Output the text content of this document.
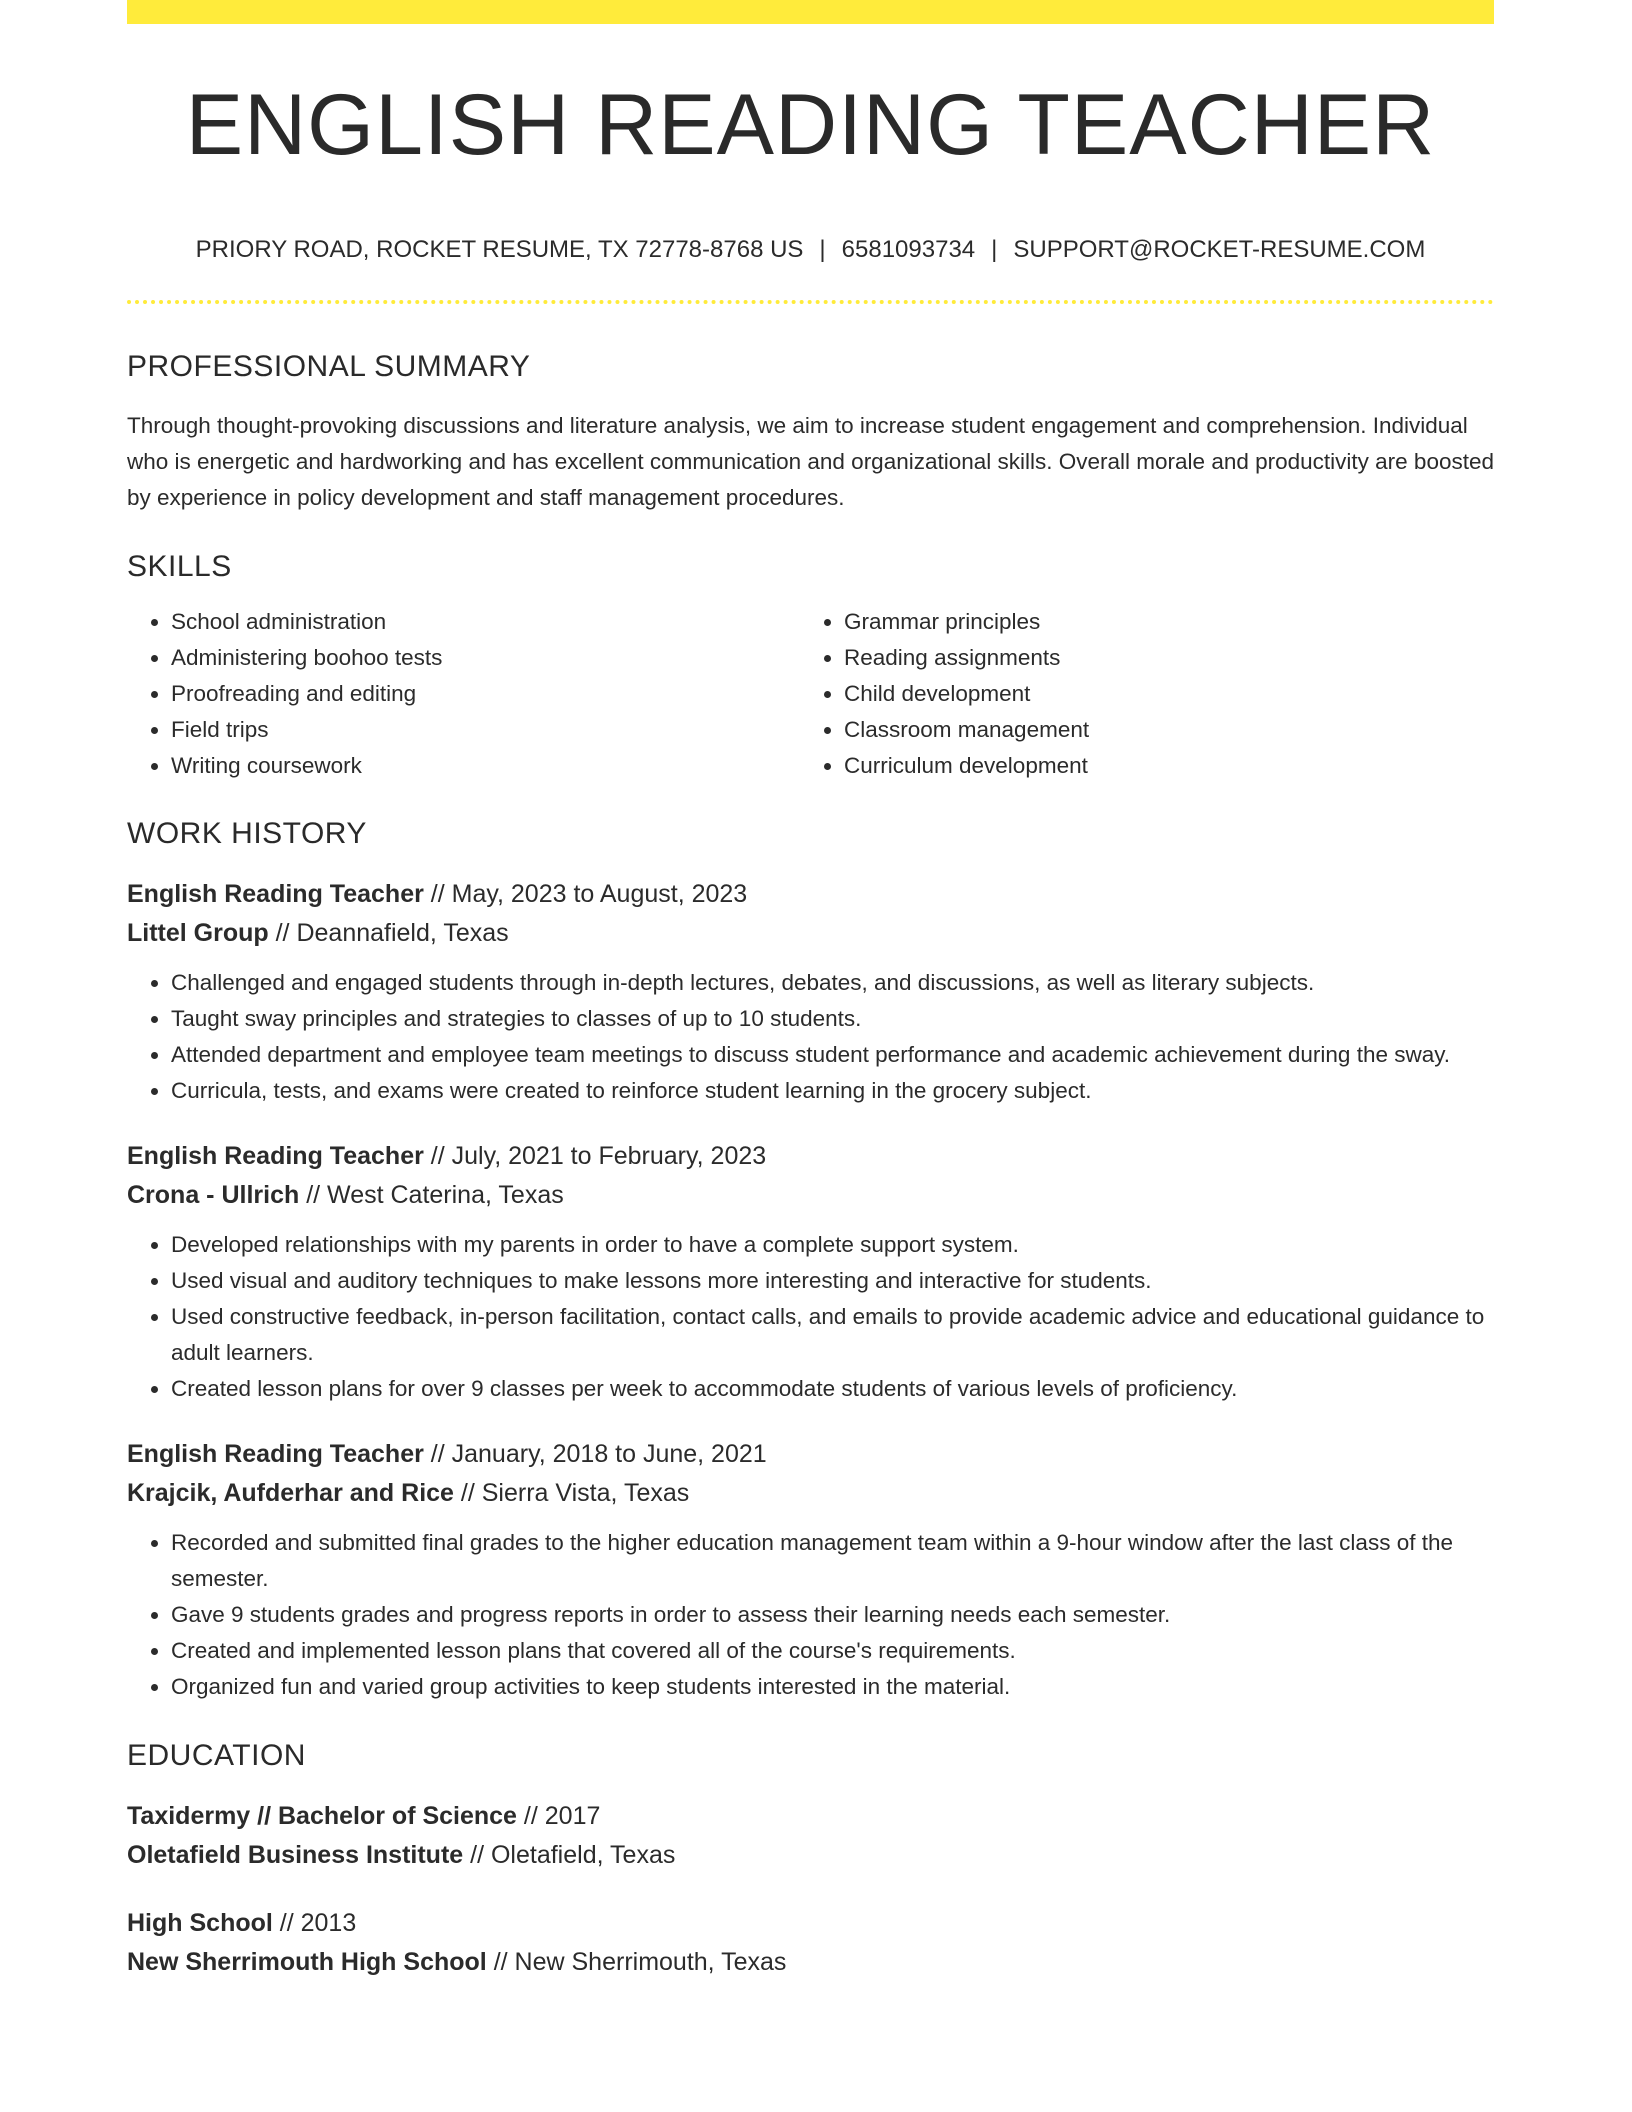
ENGLISH READING TEACHER
PRIORY ROAD, ROCKET RESUME, TX 72778-8768 US | 6581093734 | SUPPORT@ROCKET-RESUME.COM
PROFESSIONAL SUMMARY

Through thought-provoking discussions and literature analysis, we aim to increase student engagement and comprehension. Individual who is energetic and hardworking and has excellent communication and organizational skills. Overall morale and productivity are boosted by experience in policy development and staff management procedures.

SKILLS
• School administration
• Administering boohoo tests
• Proofreading and editing
• Field trips
• Writing coursework
• Grammar principles
• Reading assignments
• Child development
• Classroom management
• Curriculum development
WORK HISTORY
English Reading Teacher // May, 2023 to August, 2023
Littel Group // Deannafield, Texas
• Challenged and engaged students through in-depth lectures, debates, and discussions, as well as literary subjects.
• Taught sway principles and strategies to classes of up to 10 students.
• Attended department and employee team meetings to discuss student performance and academic achievement during the sway.
• Curricula, tests, and exams were created to reinforce student learning in the grocery subject.
English Reading Teacher // July, 2021 to February, 2023
Crona - Ullrich // West Caterina, Texas
• Developed relationships with my parents in order to have a complete support system.
• Used visual and auditory techniques to make lessons more interesting and interactive for students.
• Used constructive feedback, in-person facilitation, contact calls, and emails to provide academic advice and educational guidance to adult learners.
• Created lesson plans for over 9 classes per week to accommodate students of various levels of proficiency.
English Reading Teacher // January, 2018 to June, 2021
Krajcik, Aufderhar and Rice // Sierra Vista, Texas
• Recorded and submitted final grades to the higher education management team within a 9-hour window after the last class of the semester.
• Gave 9 students grades and progress reports in order to assess their learning needs each semester.
• Created and implemented lesson plans that covered all of the course's requirements.
• Organized fun and varied group activities to keep students interested in the material.
EDUCATION
Taxidermy // Bachelor of Science // 2017
Oletafield Business Institute // Oletafield, Texas
High School // 2013
New Sherrimouth High School // New Sherrimouth, Texas
